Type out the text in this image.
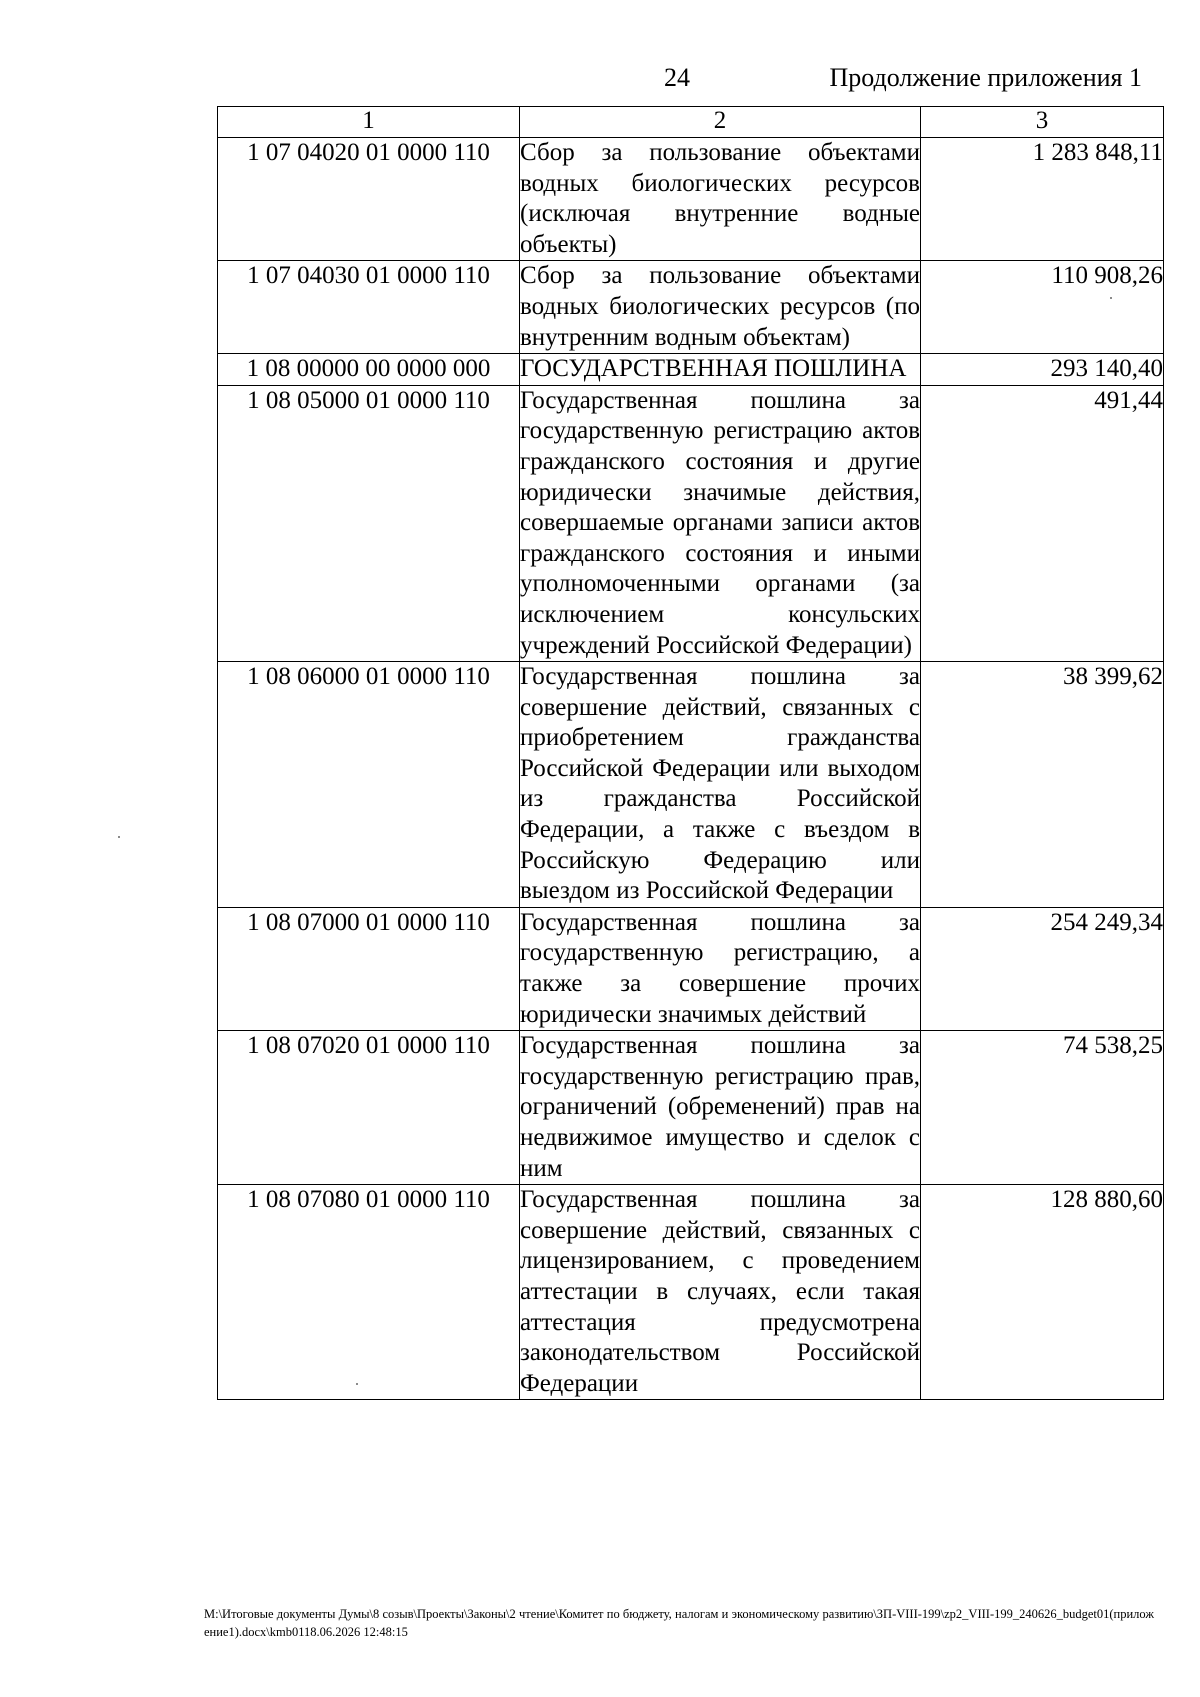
24	Продолжение приложения 1
1	2	3
1 07 04020 01 0000 110	Сбор за пользование объектами водных биологических ресурсов (исключая внутренние водные объекты)	1 283 848,11
1 07 04030 01 0000 110	Сбор за пользование объектами водных биологических ресурсов (по внутренним водным объектам)	110 908,26
1 08 00000 00 0000 000	ГОСУДАРСТВЕННАЯ ПОШЛИНА	293 140,40
1 08 05000 01 0000 110	Государственная пошлина за государственную регистрацию актов гражданского состояния и другие юридически значимые действия, совершаемые органами записи актов гражданского состояния и иными уполномоченными органами (за исключением консульских учреждений Российской Федерации)	491,44
1 08 06000 01 0000 110	Государственная пошлина за совершение действий, связанных с приобретением гражданства Российской Федерации или выходом из гражданства Российской Федерации, а также с въездом в Российскую Федерацию или выездом из Российской Федерации	38 399,62
1 08 07000 01 0000 110	Государственная пошлина за государственную регистрацию, а также за совершение прочих юридически значимых действий	254 249,34
1 08 07020 01 0000 110	Государственная пошлина за государственную регистрацию прав, ограничений (обременений) прав на недвижимое имущество и сделок с ним	74 538,25
1 08 07080 01 0000 110	Государственная пошлина за совершение действий, связанных с лицензированием, с проведением аттестации в случаях, если такая аттестация предусмотрена законодательством Российской Федерации	128 880,60
M:\Итоговые документы Думы\8 созыв\Проекты\Законы\2 чтение\Комитет по бюджету, налогам и экономическому развитию\ЗП-VIII-199\zp2_VIII-199_240626_budget01(приложение1).docx\kmb0118.06.2026 12:48:15
